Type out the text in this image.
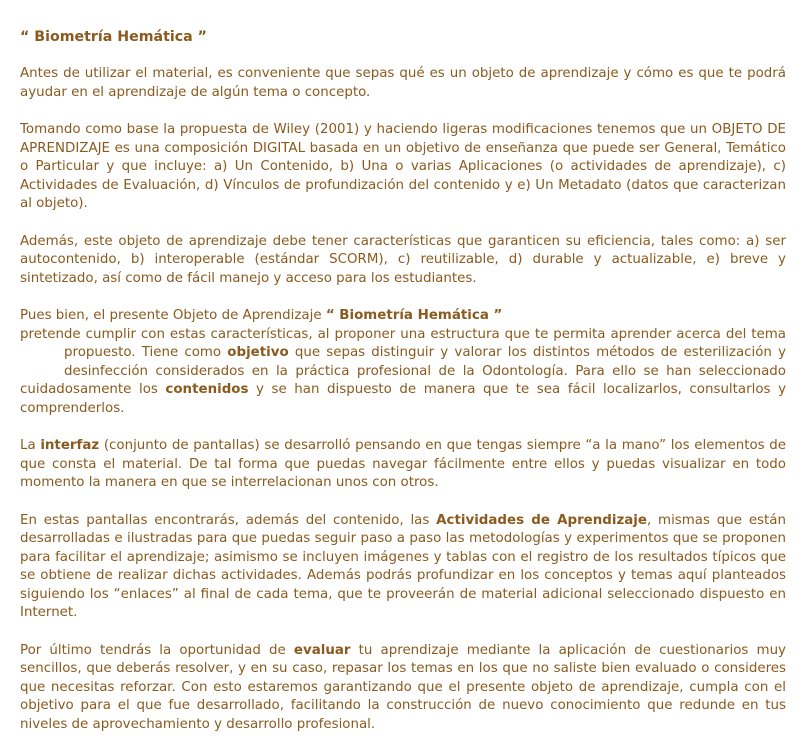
“ Biometría Hemática ”

Antes de utilizar el material, es conveniente que sepas qué es un objeto de aprendizaje y cómo es que te podrá ayudar en el aprendizaje de algún tema o concepto.

Tomando como base la propuesta de Wiley (2001) y haciendo ligeras modificaciones tenemos que un OBJETO DE APRENDIZAJE es una composición DIGITAL basada en un objetivo de enseñanza que puede ser General, Temático o Particular y que incluye: a) Un Contenido, b) Una o varias Aplicaciones (o actividades de aprendizaje), c) Actividades de Evaluación, d) Vínculos de profundización del contenido y e) Un Metadato (datos que caracterizan al objeto).

Además, este objeto de aprendizaje debe tener características que garanticen su eficiencia, tales como: a) ser autocontenido, b) interoperable (estándar SCORM), c) reutilizable, d) durable y actualizable, e) breve y sintetizado, así como de fácil manejo y acceso para los estudiantes.

Pues bien, el presente Objeto de Aprendizaje “ Biometría Hemática ”
pretende cumplir con estas características, al proponer una estructura que te permita aprender acerca del temapropuesto. Tiene como objetivo que sepas distinguir y valorar los distintos métodos de esterilización ydesinfección considerados en la práctica profesional de la Odontología. Para ello se han seleccionado cuidadosamente los contenidos y se han dispuesto de manera que te sea fácil localizarlos, consultarlos y comprenderlos.

La interfaz (conjunto de pantallas) se desarrolló pensando en que tengas siempre “a la mano” los elementos de que consta el material. De tal forma que puedas navegar fácilmente entre ellos y puedas visualizar en todo momento la manera en que se interrelacionan unos con otros.

En estas pantallas encontrarás, además del contenido, las Actividades de Aprendizaje, mismas que están desarrolladas e ilustradas para que puedas seguir paso a paso las metodologías y experimentos que se proponen para facilitar el aprendizaje; asimismo se incluyen imágenes y tablas con el registro de los resultados típicos que se obtiene de realizar dichas actividades. Además podrás profundizar en los conceptos y temas aquí planteados siguiendo los “enlaces” al final de cada tema, que te proveerán de material adicional seleccionado dispuesto en Internet.

Por último tendrás la oportunidad de evaluar tu aprendizaje mediante la aplicación de cuestionarios muy sencillos, que deberás resolver, y en su caso, repasar los temas en los que no saliste bien evaluado o consideres que necesitas reforzar. Con esto estaremos garantizando que el presente objeto de aprendizaje, cumpla con el objetivo para el que fue desarrollado, facilitando la construcción de nuevo conocimiento que redunde en tus niveles de aprovechamiento y desarrollo profesional.
